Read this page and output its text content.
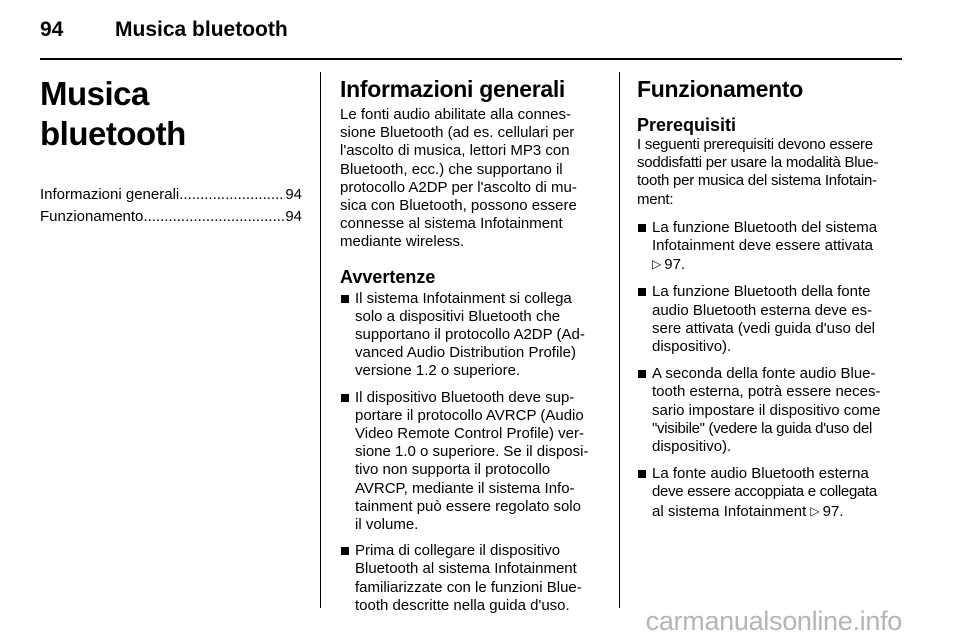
94 Musica bluetooth
Musica bluetooth
Informazioni generali .....	94
Funzionamento .....	94
Informazioni generali
Le fonti audio abilitate alla connes-
sione Bluetooth (ad es. cellulari per
l'ascolto di musica, lettori MP3 con
Bluetooth, ecc.) che supportano il
protocollo A2DP per l'ascolto di mu-
sica con Bluetooth, possono essere
connesse al sistema Infotainment
mediante wireless.
Avvertenze
Il sistema Infotainment si collega
solo a dispositivi Bluetooth che
supportano il protocollo A2DP (Ad-
vanced Audio Distribution Profile)
versione 1.2 o superiore.
Il dispositivo Bluetooth deve sup-
portare il protocollo AVRCP (Audio
Video Remote Control Profile) ver-
sione 1.0 o superiore. Se il disposi-
tivo non supporta il protocollo
AVRCP, mediante il sistema Info-
tainment può essere regolato solo
il volume.
Prima di collegare il dispositivo
Bluetooth al sistema Infotainment
familiarizzate con le funzioni Blue-
tooth descritte nella guida d'uso.
Funzionamento
Prerequisiti
I seguenti prerequisiti devono essere
soddisfatti per usare la modalità Blue-
tooth per musica del sistema Infotain-
ment:
La funzione Bluetooth del sistema
Infotainment deve essere attivata
▷ 97.
La funzione Bluetooth della fonte
audio Bluetooth esterna deve es-
sere attivata (vedi guida d'uso del
dispositivo).
A seconda della fonte audio Blue-
tooth esterna, potrà essere neces-
sario impostare il dispositivo come
"visibile" (vedere la guida d'uso del
dispositivo).
La fonte audio Bluetooth esterna
deve essere accoppiata e collegata
al sistema Infotainment ▷ 97.
carmanualsonline.info
